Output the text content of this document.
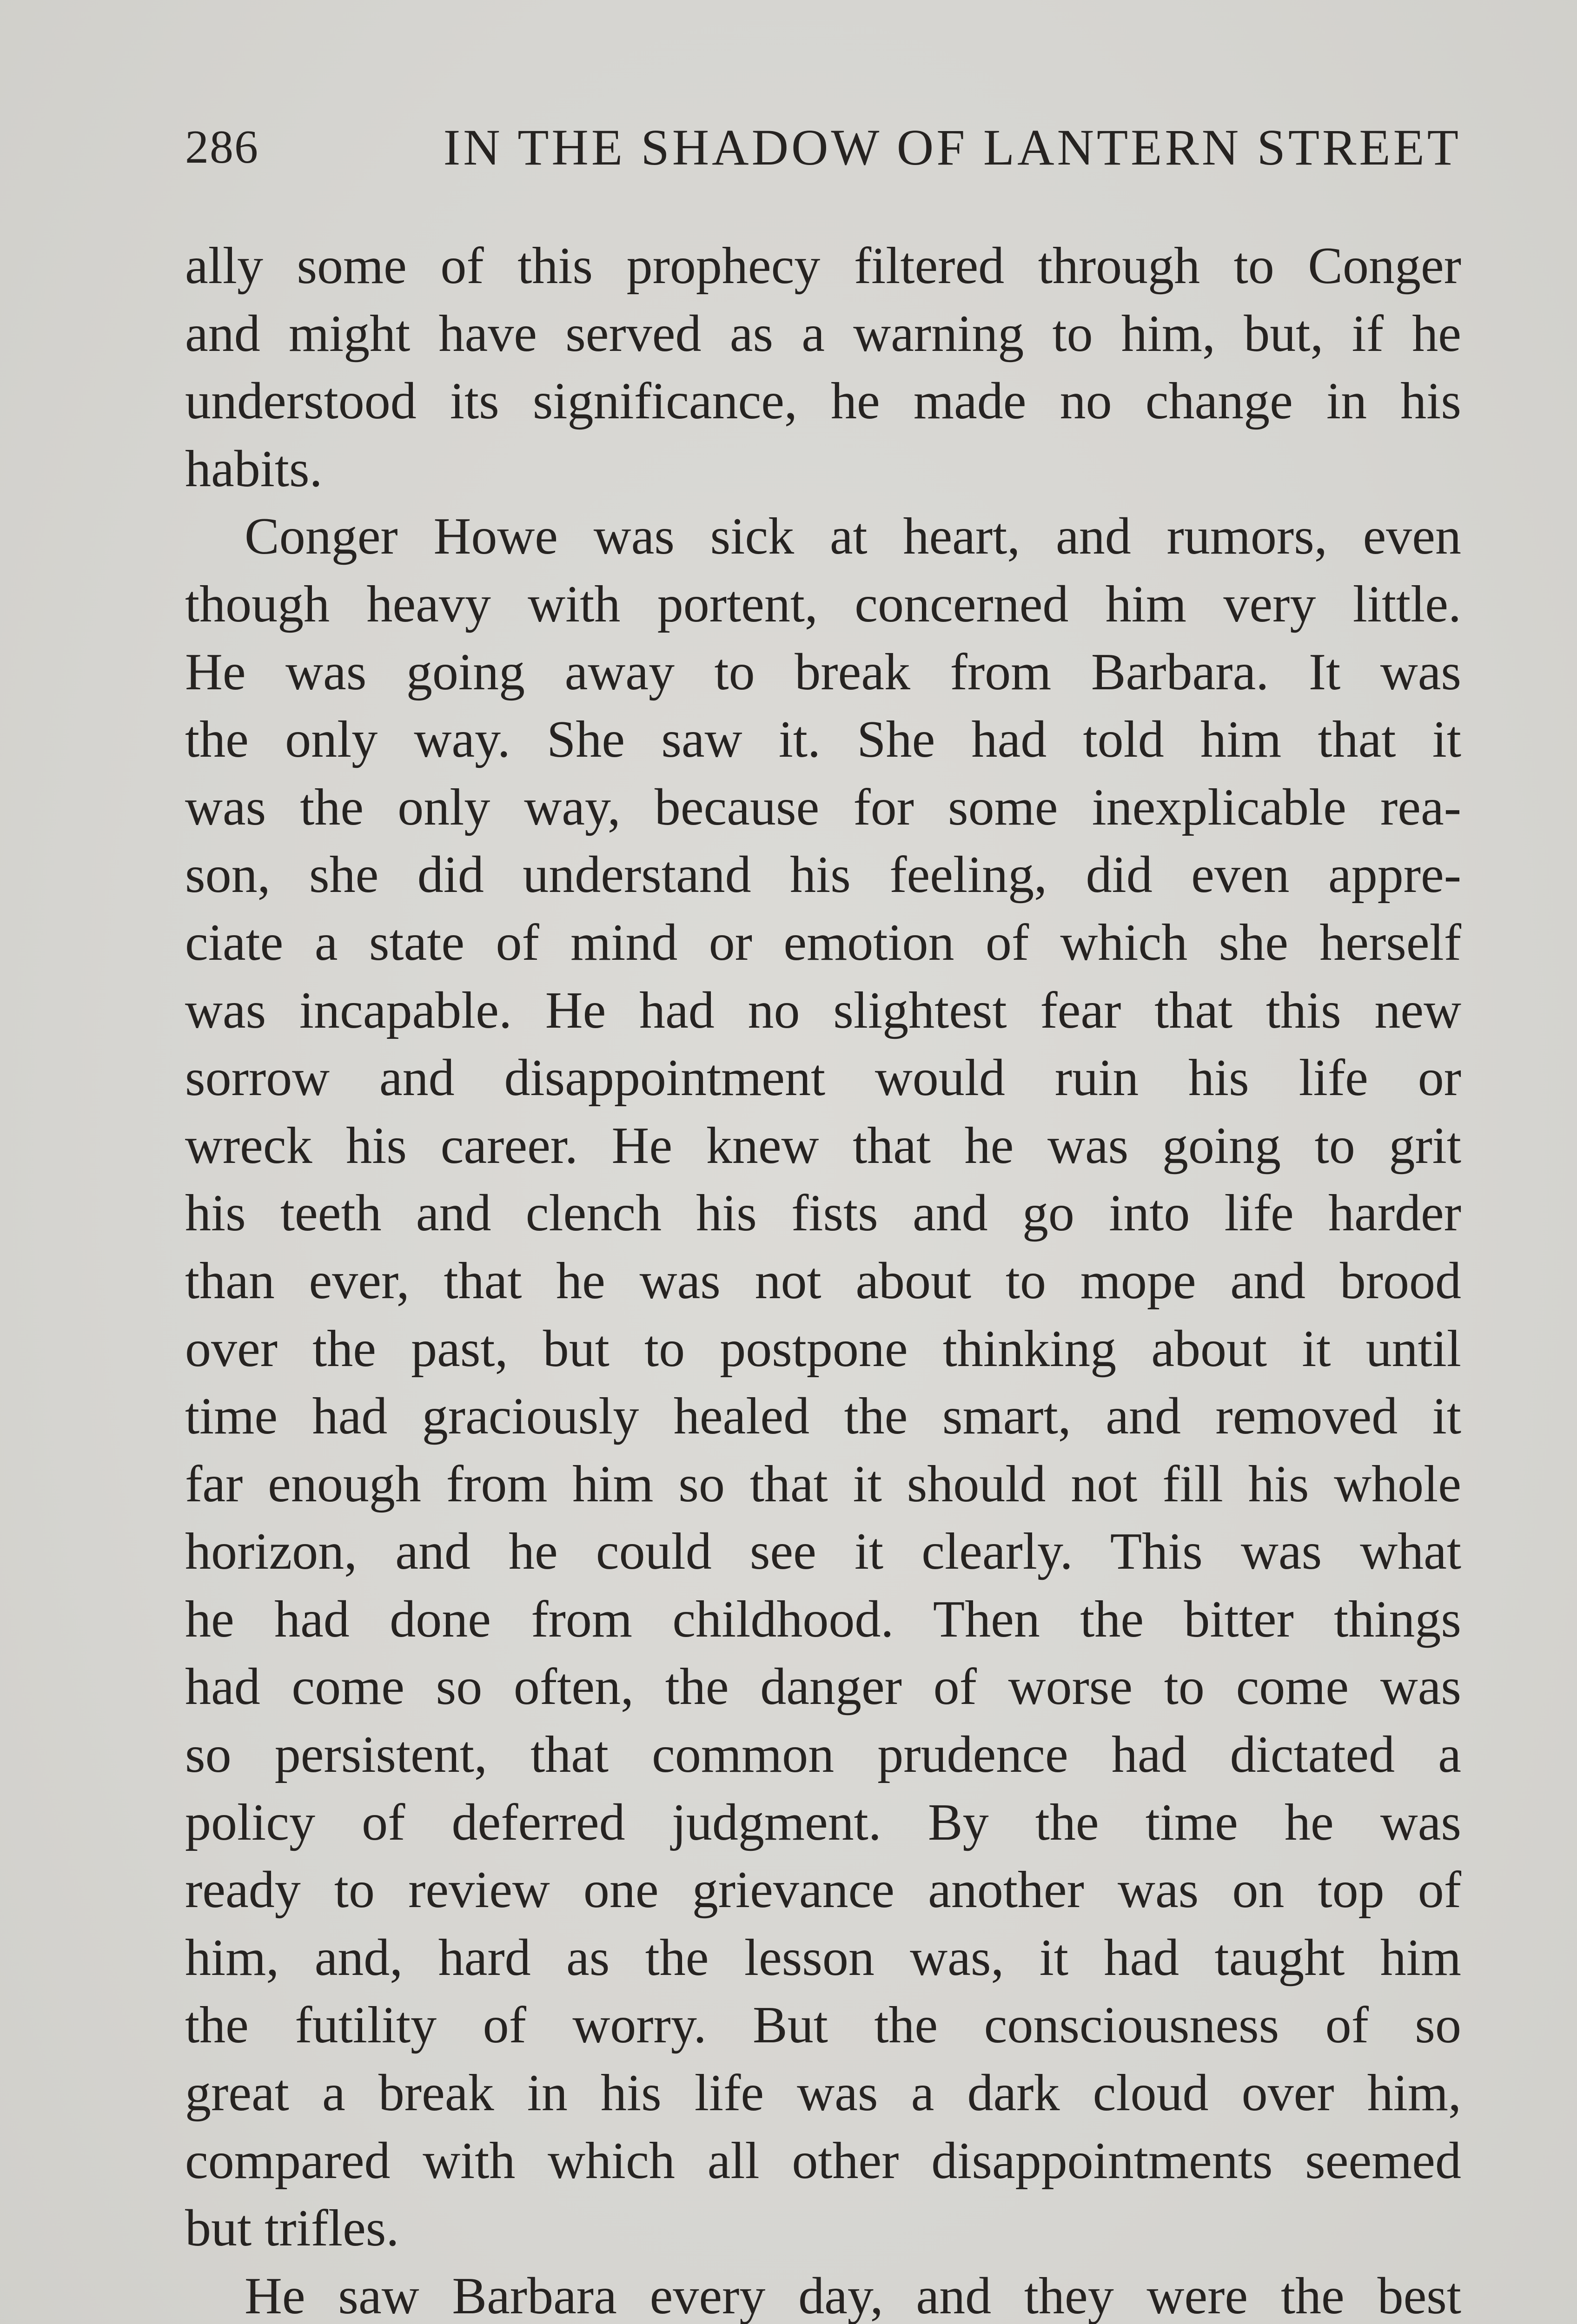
286	IN THE SHADOW OF LANTERN STREET
ally some of this prophecy filtered through to Conger
and might have served as a warning to him, but, if he
understood its significance, he made no change in his
habits.
Conger Howe was sick at heart, and rumors, even
though heavy with portent, concerned him very little.
He was going away to break from Barbara. It was
the only way. She saw it. She had told him that it
was the only way, because for some inexplicable rea-
son, she did understand his feeling, did even appre-
ciate a state of mind or emotion of which she herself
was incapable. He had no slightest fear that this new
sorrow and disappointment would ruin his life or
wreck his career. He knew that he was going to grit
his teeth and clench his fists and go into life harder
than ever, that he was not about to mope and brood
over the past, but to postpone thinking about it until
time had graciously healed the smart, and removed it
far enough from him so that it should not fill his whole
horizon, and he could see it clearly. This was what
he had done from childhood. Then the bitter things
had come so often, the danger of worse to come was
so persistent, that common prudence had dictated a
policy of deferred judgment. By the time he was
ready to review one grievance another was on top of
him, and, hard as the lesson was, it had taught him
the futility of worry. But the consciousness of so
great a break in his life was a dark cloud over him,
compared with which all other disappointments seemed
but trifles.
He saw Barbara every day, and they were the best
